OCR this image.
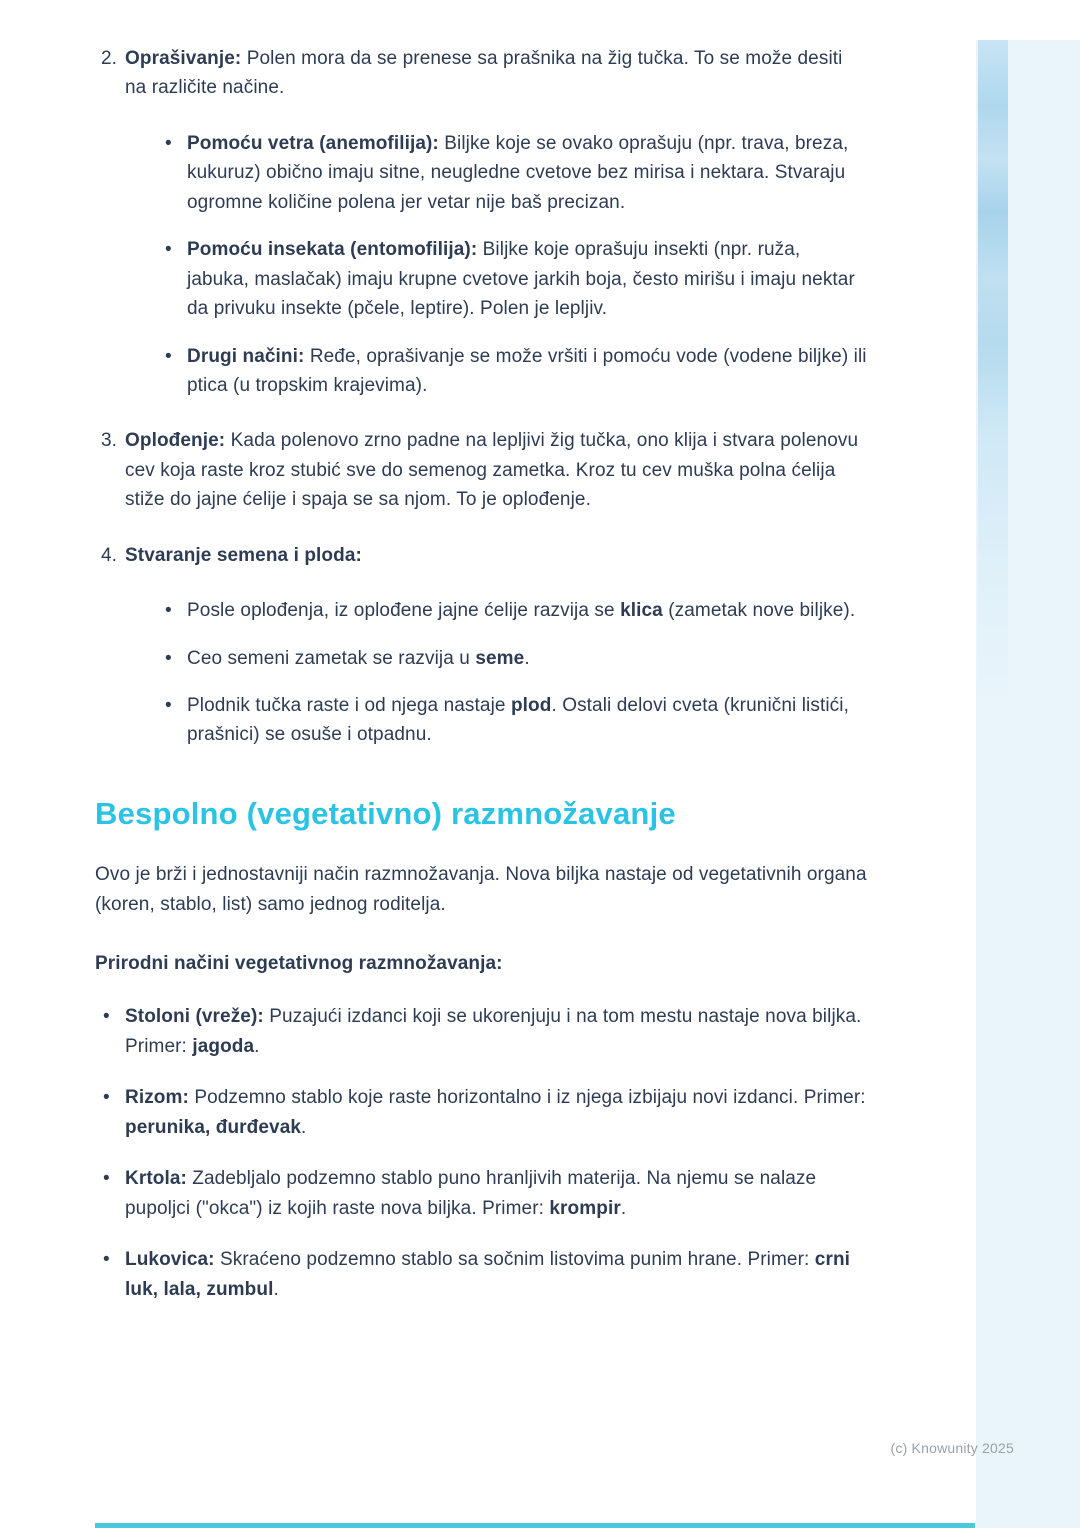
2. Oprašivanje: Polen mora da se prenese sa prašnika na žig tučka. To se može desiti na različite načine.

• Pomoću vetra (anemofilija): Biljke koje se ovako oprašuju (npr. trava, breza, kukuruz) obično imaju sitne, neugledne cvetove bez mirisa i nektara. Stvaraju ogromne količine polena jer vetar nije baš precizan.
• Pomoću insekata (entomofilija): Biljke koje oprašuju insekti (npr. ruža, jabuka, maslačak) imaju krupne cvetove jarkih boja, često mirišu i imaju nektar da privuku insekte (pčele, leptire). Polen je lepljiv.
• Drugi načini: Ređe, oprašivanje se može vršiti i pomoću vode (vodene biljke) ili ptica (u tropskim krajevima).
3. Oplođenje: Kada polenovo zrno padne na lepljivi žig tučka, ono klija i stvara polenovu cev koja raste kroz stubić sve do semenog zametka. Kroz tu cev muška polna ćelija stiže do jajne ćelije i spaja se sa njom. To je oplođenje.

4. Stvaranje semena i ploda:

• Posle oplođenja, iz oplođene jajne ćelije razvija se klica (zametak nove biljke).
• Ceo semeni zametak se razvija u seme.
• Plodnik tučka raste i od njega nastaje plod. Ostali delovi cveta (krunični listići, prašnici) se osuše i otpadnu.
Bespolno (vegetativno) razmnožavanje

Ovo je brži i jednostavniji način razmnožavanja. Nova biljka nastaje od vegetativnih organa (koren, stablo, list) samo jednog roditelja.

Prirodni načini vegetativnog razmnožavanja:

• Stoloni (vreže): Puzajući izdanci koji se ukorenjuju i na tom mestu nastaje nova biljka. Primer: jagoda.
• Rizom: Podzemno stablo koje raste horizontalno i iz njega izbijaju novi izdanci. Primer: perunika, đurđevak.
• Krtola: Zadebljalo podzemno stablo puno hranljivih materija. Na njemu se nalaze pupoljci ("okca") iz kojih raste nova biljka. Primer: krompir.
• Lukovica: Skraćeno podzemno stablo sa sočnim listovima punim hrane. Primer: crni luk, lala, zumbul.
(c) Knowunity 2025
